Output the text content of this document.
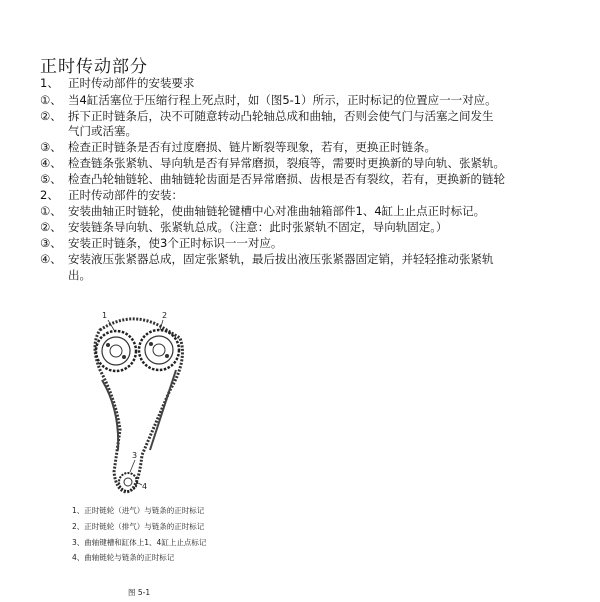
正时传动部分
1、 正时传动部件的安装要求
①、 当4缸活塞位于压缩行程上死点时，如（图5-1）所示，正时标记的位置应一一对应。
②、 拆下正时链条后，决不可随意转动凸轮轴总成和曲轴，否则会使气门与活塞之间发生
气门或活塞。
③、 检查正时链条是否有过度磨损、链片断裂等现象，若有，更换正时链条。
④、 检查链条张紧轨、导向轨是否有异常磨损，裂痕等，需要时更换新的导向轨、张紧轨。
⑤、 检查凸轮轴链轮、曲轴链轮齿面是否异常磨损、齿根是否有裂纹，若有，更换新的链轮
2、 正时传动部件的安装：
①、 安装曲轴正时链轮，使曲轴链轮键槽中心对准曲轴箱部件1、4缸上止点正时标记。
②、 安装链条导向轨、张紧轨总成。（注意：此时张紧轨不固定，导向轨固定。）
③、 安装正时链条，使3个正时标识一一对应。
④、 安装液压张紧器总成，固定张紧轨，最后拔出液压张紧器固定销，并轻轻推动张紧轨
出。
1	2
3
4
1、正时链轮（进气）与链条的正时标记
2、正时链轮（排气）与链条的正时标记
3、曲轴键槽和缸体上1、4缸上止点标记
4、曲轴链轮与链条的正时标记
图 5-1
